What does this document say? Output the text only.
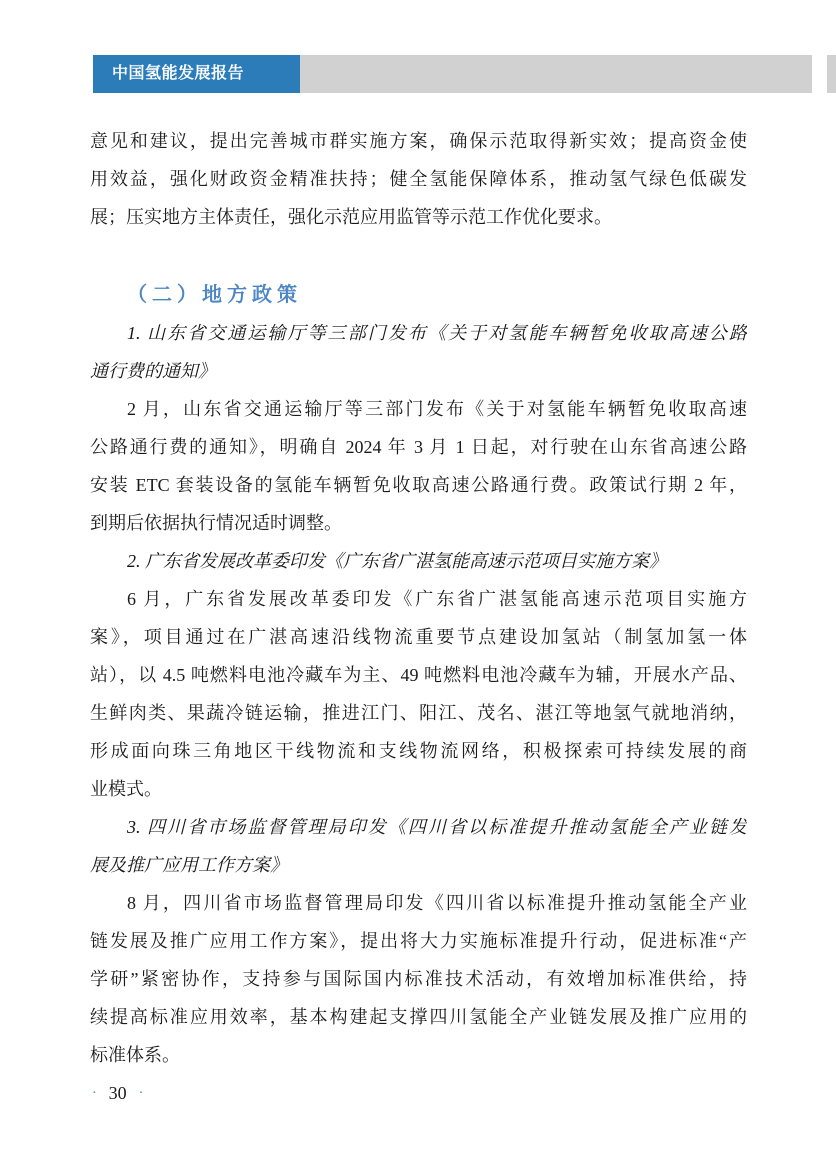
中国氢能发展报告
意见和建议，提出完善城市群实施方案，确保示范取得新实效；提高资金使
用效益，强化财政资金精准扶持；健全氢能保障体系，推动氢气绿色低碳发
展；压实地方主体责任，强化示范应用监管等示范工作优化要求。
（二）地方政策
1. 山东省交通运输厅等三部门发布《关于对氢能车辆暂免收取高速公路
通行费的通知》
2 月，山东省交通运输厅等三部门发布《关于对氢能车辆暂免收取高速
公路通行费的通知》，明确自 2024 年 3 月 1 日起，对行驶在山东省高速公路
安装 ETC 套装设备的氢能车辆暂免收取高速公路通行费。政策试行期 2 年，
到期后依据执行情况适时调整。
2. 广东省发展改革委印发《广东省广湛氢能高速示范项目实施方案》
6 月，广东省发展改革委印发《广东省广湛氢能高速示范项目实施方
案》，项目通过在广湛高速沿线物流重要节点建设加氢站（制氢加氢一体
站），以 4.5 吨燃料电池冷藏车为主、49 吨燃料电池冷藏车为辅，开展水产品、
生鲜肉类、果蔬冷链运输，推进江门、阳江、茂名、湛江等地氢气就地消纳，
形成面向珠三角地区干线物流和支线物流网络，积极探索可持续发展的商
业模式。
3. 四川省市场监督管理局印发《四川省以标准提升推动氢能全产业链发
展及推广应用工作方案》
8 月，四川省市场监督管理局印发《四川省以标准提升推动氢能全产业
链发展及推广应用工作方案》，提出将大力实施标准提升行动，促进标准“产
学研”紧密协作，支持参与国际国内标准技术活动，有效增加标准供给，持
续提高标准应用效率，基本构建起支撑四川氢能全产业链发展及推广应用的
标准体系。
· 30 ·
